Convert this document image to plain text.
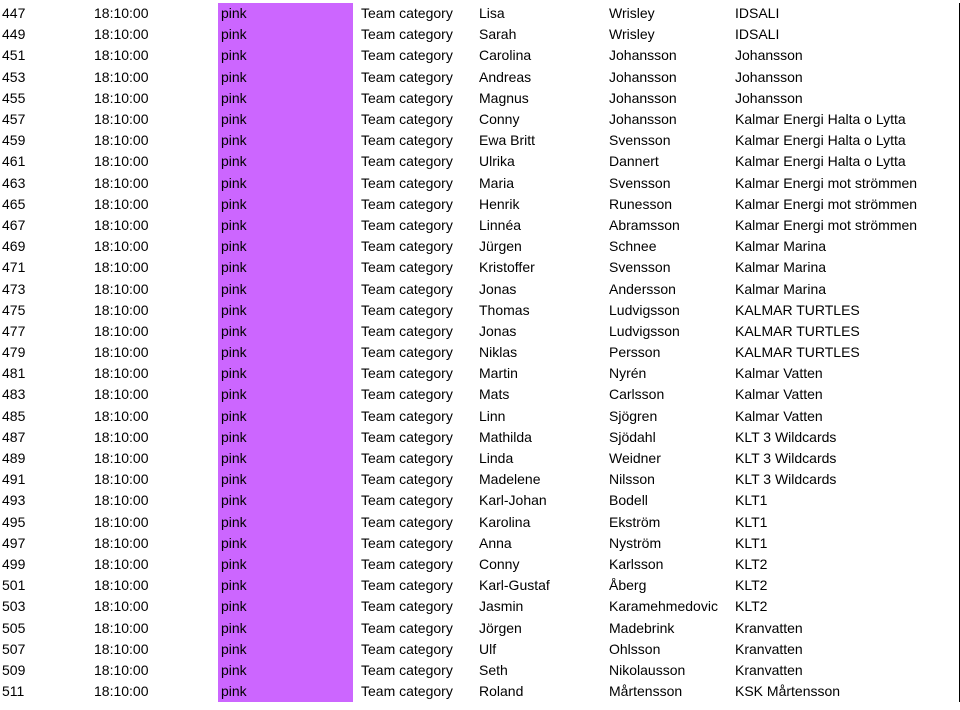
447	18:10:00	pink	Team category	Lisa	Wrisley	IDSALI	
449	18:10:00	pink	Team category	Sarah	Wrisley	IDSALI	
451	18:10:00	pink	Team category	Carolina	Johansson	Johansson	
453	18:10:00	pink	Team category	Andreas	Johansson	Johansson	
455	18:10:00	pink	Team category	Magnus	Johansson	Johansson	
457	18:10:00	pink	Team category	Conny	Johansson	Kalmar Energi Halta o Lytta	
459	18:10:00	pink	Team category	Ewa Britt	Svensson	Kalmar Energi Halta o Lytta	
461	18:10:00	pink	Team category	Ulrika	Dannert	Kalmar Energi Halta o Lytta	
463	18:10:00	pink	Team category	Maria	Svensson	Kalmar Energi mot strömmen	
465	18:10:00	pink	Team category	Henrik	Runesson	Kalmar Energi mot strömmen	
467	18:10:00	pink	Team category	Linnéa	Abramsson	Kalmar Energi mot strömmen	
469	18:10:00	pink	Team category	Jürgen	Schnee	Kalmar Marina	
471	18:10:00	pink	Team category	Kristoffer	Svensson	Kalmar Marina	
473	18:10:00	pink	Team category	Jonas	Andersson	Kalmar Marina	
475	18:10:00	pink	Team category	Thomas	Ludvigsson	KALMAR TURTLES	
477	18:10:00	pink	Team category	Jonas	Ludvigsson	KALMAR TURTLES	
479	18:10:00	pink	Team category	Niklas	Persson	KALMAR TURTLES	
481	18:10:00	pink	Team category	Martin	Nyrén	Kalmar Vatten	
483	18:10:00	pink	Team category	Mats	Carlsson	Kalmar Vatten	
485	18:10:00	pink	Team category	Linn	Sjögren	Kalmar Vatten	
487	18:10:00	pink	Team category	Mathilda	Sjödahl	KLT 3 Wildcards	
489	18:10:00	pink	Team category	Linda	Weidner	KLT 3 Wildcards	
491	18:10:00	pink	Team category	Madelene	Nilsson	KLT 3 Wildcards	
493	18:10:00	pink	Team category	Karl-Johan	Bodell	KLT1	
495	18:10:00	pink	Team category	Karolina	Ekström	KLT1	
497	18:10:00	pink	Team category	Anna	Nyström	KLT1	
499	18:10:00	pink	Team category	Conny	Karlsson	KLT2	
501	18:10:00	pink	Team category	Karl-Gustaf	Åberg	KLT2	
503	18:10:00	pink	Team category	Jasmin	Karamehmedovic	KLT2	
505	18:10:00	pink	Team category	Jörgen	Madebrink	Kranvatten	
507	18:10:00	pink	Team category	Ulf	Ohlsson	Kranvatten	
509	18:10:00	pink	Team category	Seth	Nikolausson	Kranvatten	
511	18:10:00	pink	Team category	Roland	Mårtensson	KSK Mårtensson	
